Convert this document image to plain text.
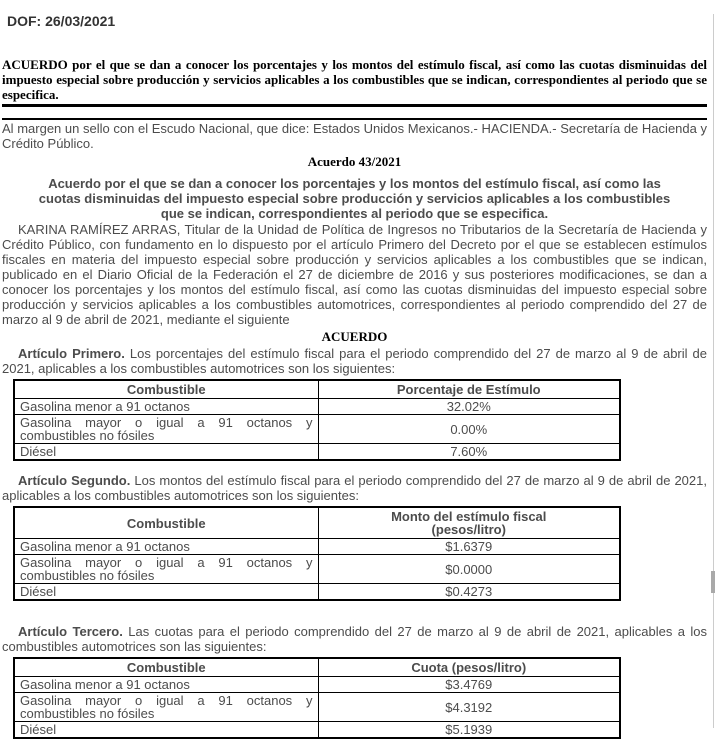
DOF: 26/03/2021
ACUERDO por el que se dan a conocer los porcentajes y los montos del estímulo fiscal, así como las cuotas disminuidas del impuesto especial sobre producción y servicios aplicables a los combustibles que se indican, correspondientes al periodo que se especifica.

Al margen un sello con el Escudo Nacional, que dice: Estados Unidos Mexicanos.- HACIENDA.- Secretaría de Hacienda y Crédito Público.

Acuerdo 43/2021
Acuerdo por el que se dan a conocer los porcentajes y los montos del estímulo fiscal, así como las
cuotas disminuidas del impuesto especial sobre producción y servicios aplicables a los combustibles
que se indican, correspondientes al periodo que se especifica.

KARINA RAMÍREZ ARRAS, Titular de la Unidad de Política de Ingresos no Tributarios de la Secretaría de Hacienda y Crédito Público, con fundamento en lo dispuesto por el artículo Primero del Decreto por el que se establecen estímulos fiscales en materia del impuesto especial sobre producción y servicios aplicables a los combustibles que se indican, publicado en el Diario Oficial de la Federación el 27 de diciembre de 2016 y sus posteriores modificaciones, se dan a conocer los porcentajes y los montos del estímulo fiscal, así como las cuotas disminuidas del impuesto especial sobre producción y servicios aplicables a los combustibles automotrices, correspondientes al periodo comprendido del 27 de marzo al 9 de abril de 2021, mediante el siguiente

ACUERDO

Artículo Primero. Los porcentajes del estímulo fiscal para el periodo comprendido del 27 de marzo al 9 de abril de 2021, aplicables a los combustibles automotrices son los siguientes:

Combustible	Porcentaje de Estímulo

Gasolina menor a 91 octanos	32.02%
Gasolina mayor o igual a 91 octanos y combustibles no fósiles	0.00%
Diésel	7.60%

Artículo Segundo. Los montos del estímulo fiscal para el periodo comprendido del 27 de marzo al 9 de abril de 2021, aplicables a los combustibles automotrices son los siguientes:

Combustible	Monto del estímulo fiscal
(pesos/litro)

Gasolina menor a 91 octanos	$1.6379
Gasolina mayor o igual a 91 octanos y combustibles no fósiles	$0.0000
Diésel	$0.4273

Artículo Tercero. Las cuotas para el periodo comprendido del 27 de marzo al 9 de abril de 2021, aplicables a los combustibles automotrices son las siguientes:

Combustible	Cuota (pesos/litro)

Gasolina menor a 91 octanos	$3.4769
Gasolina mayor o igual a 91 octanos y combustibles no fósiles	$4.3192
Diésel	$5.1939
